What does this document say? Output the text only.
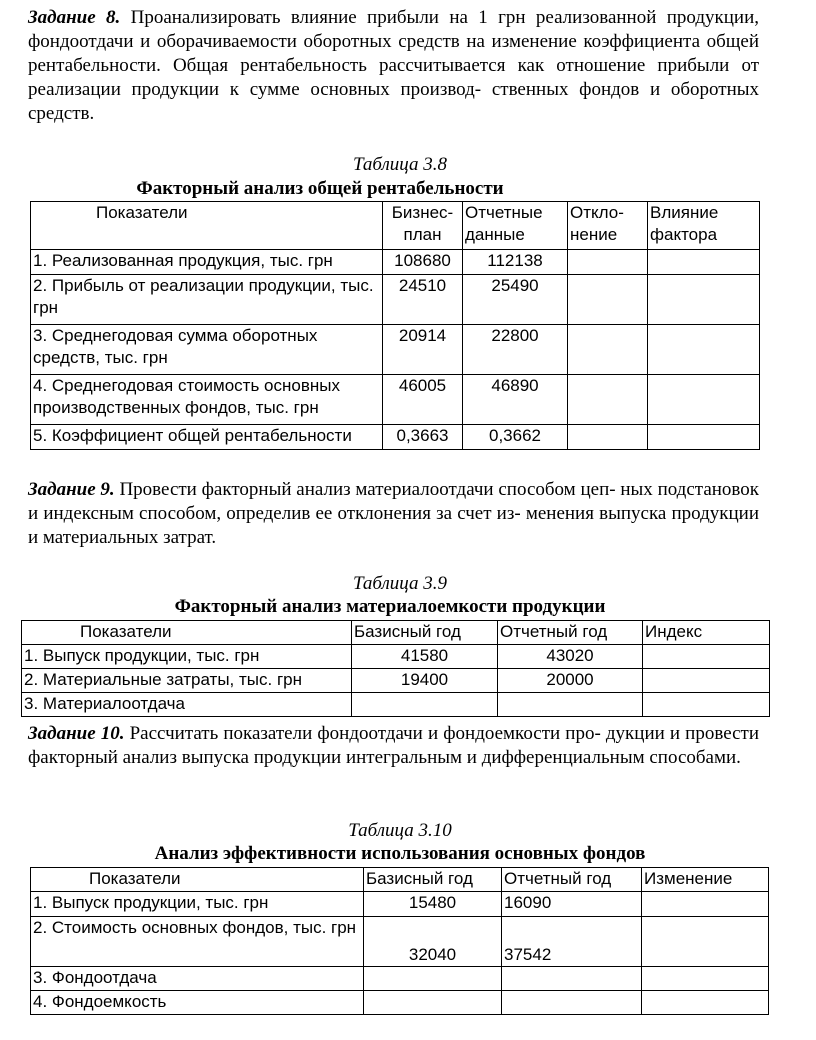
Задание 8. Проанализировать влияние прибыли на 1 грн реализованной продукции, фондоотдачи и оборачиваемости оборотных средств на изменение коэффициента общей рентабельности. Общая рентабельность рассчитывается как отношение прибыли от реализации продукции к сумме основных производ- ственных фондов и оборотных средств.

Таблица 3.8

Факторный анализ общей рентабельности

Показатели	Бизнес-план	Отчетные данные	Откло-нение	Влияние фактора
1. Реализованная продукция, тыс. грн	108680	112138		
2. Прибыль от реализации продукции, тыс. грн	24510	25490		
3. Среднегодовая сумма оборотных средств, тыс. грн	20914	22800		
4. Среднегодовая стоимость основных производственных фондов, тыс. грн	46005	46890		
5. Коэффициент общей рентабельности	0,3663	0,3662		

Задание 9. Провести факторный анализ материалоотдачи способом цеп- ных подстановок и индексным способом, определив ее отклонения за счет из- менения выпуска продукции и материальных затрат.

Таблица 3.9

Факторный анализ материалоемкости продукции

Показатели	Базисный год	Отчетный год	Индекс
1. Выпуск продукции, тыс. грн	41580	43020	
2. Материальные затраты, тыс. грн	19400	20000	
3. Материалоотдача			

Задание 10. Рассчитать показатели фондоотдачи и фондоемкости про- дукции и провести факторный анализ выпуска продукции интегральным и дифференциальным способами.

Таблица 3.10

Анализ эффективности использования основных фондов

Показатели	Базисный год	Отчетный год	Изменение
1. Выпуск продукции, тыс. грн	15480	16090	
2. Стоимость основных фондов, тыс. грн	32040	37542	
3. Фондоотдача			
4. Фондоемкость			
